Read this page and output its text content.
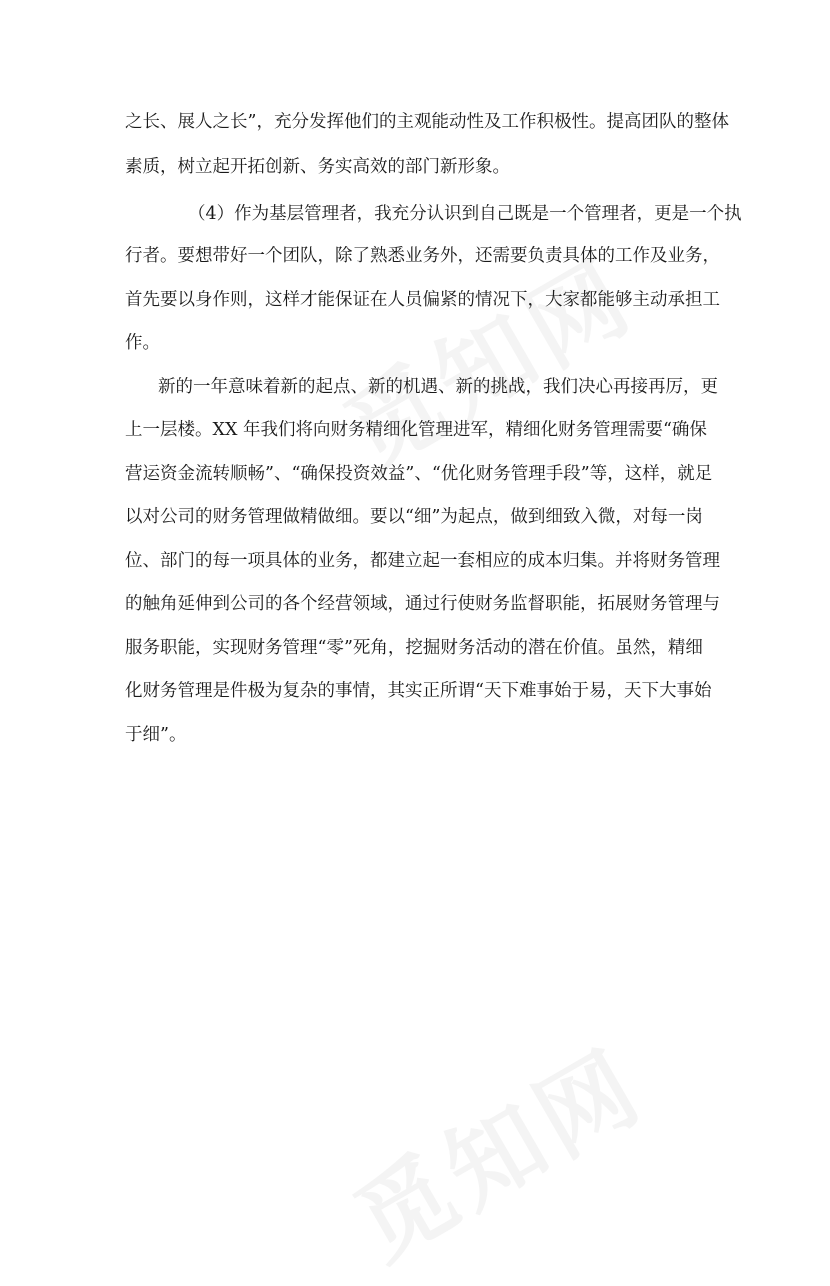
之长、展人之长”，充分发挥他们的主观能动性及工作积极性。提高团队的整体
素质，树立起开拓创新、务实高效的部门新形象。
（4）作为基层管理者，我充分认识到自己既是一个管理者，更是一个执
行者。要想带好一个团队，除了熟悉业务外，还需要负责具体的工作及业务，
首先要以身作则，这样才能保证在人员偏紧的情况下，大家都能够主动承担工
作。
新的一年意味着新的起点、新的机遇、新的挑战，我们决心再接再厉，更
上一层楼。XX 年我们将向财务精细化管理进军，精细化财务管理需要“确保
营运资金流转顺畅”、“确保投资效益”、“优化财务管理手段”等，这样，就足
以对公司的财务管理做精做细。要以“细”为起点，做到细致入微，对每一岗
位、部门的每一项具体的业务，都建立起一套相应的成本归集。并将财务管理
的触角延伸到公司的各个经营领域，通过行使财务监督职能，拓展财务管理与
服务职能，实现财务管理“零”死角，挖掘财务活动的潜在价值。虽然，精细
化财务管理是件极为复杂的事情，其实正所谓“天下难事始于易，天下大事始
于细”。
